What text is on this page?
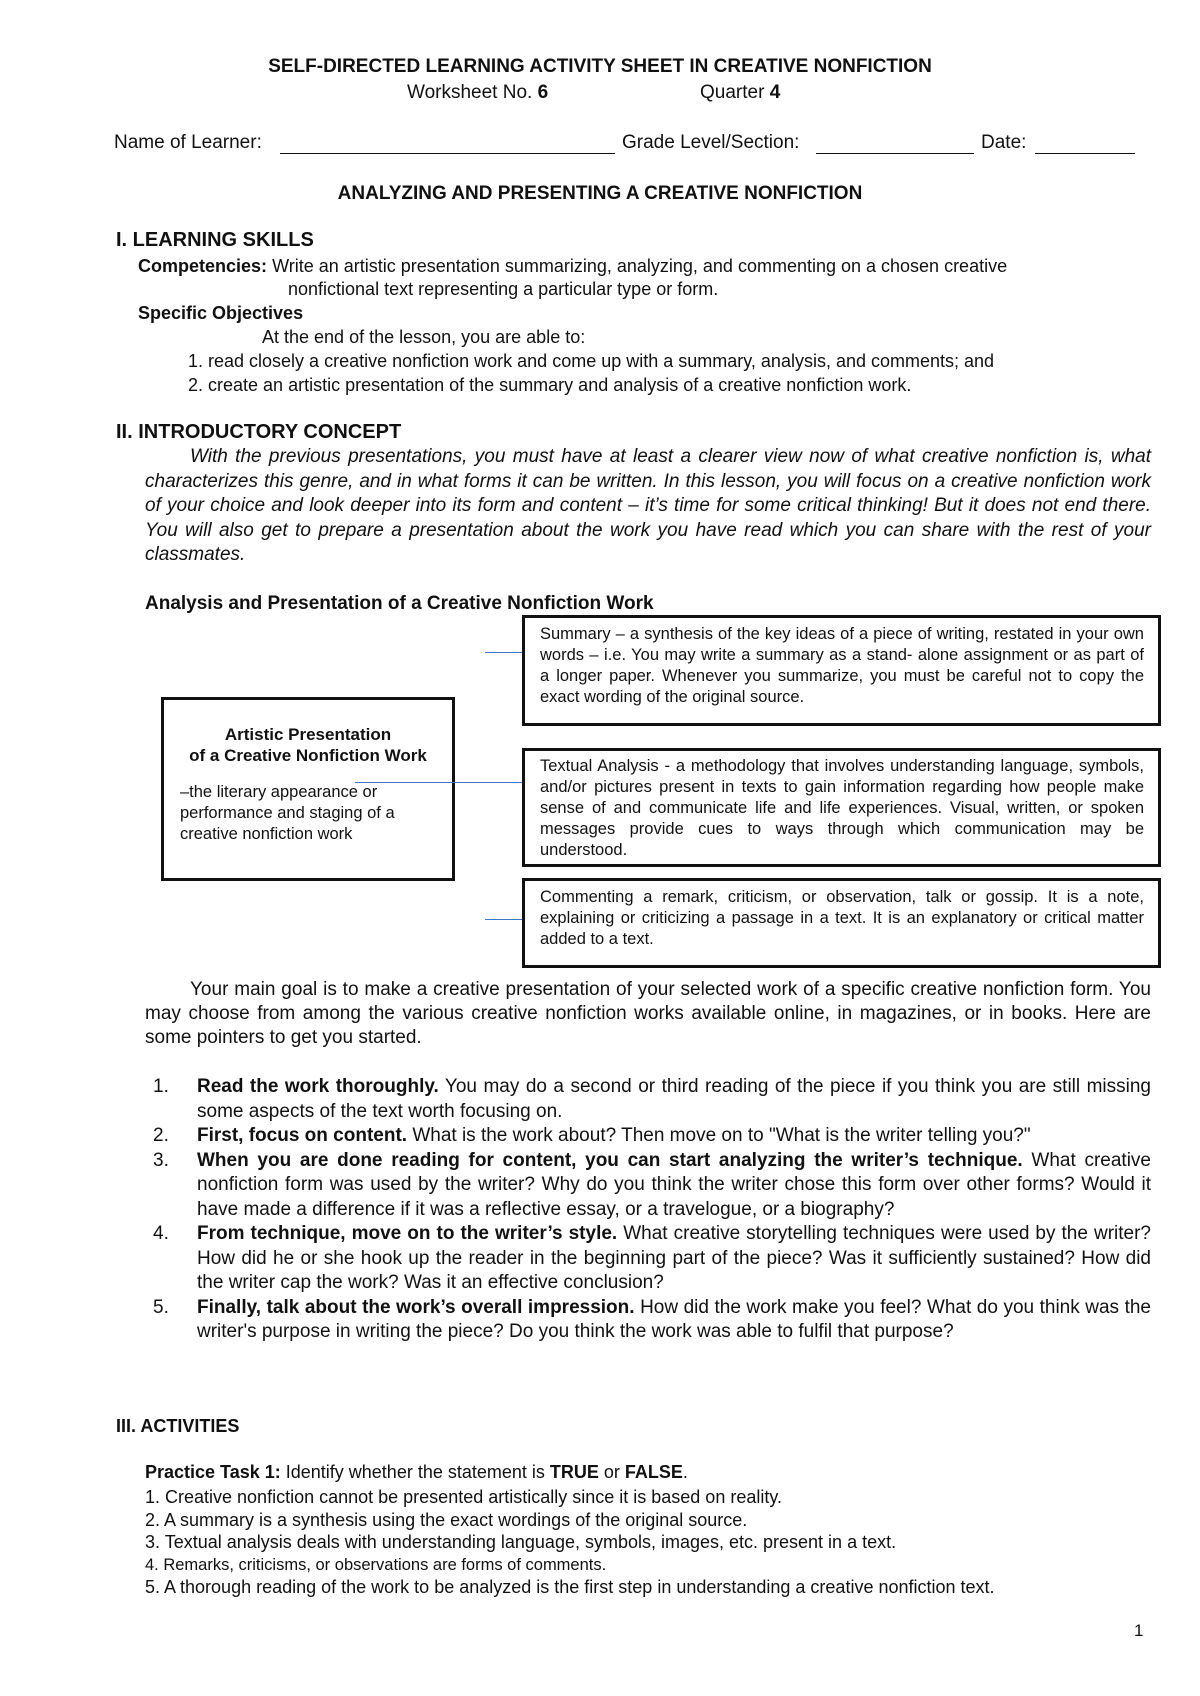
SELF-DIRECTED LEARNING ACTIVITY SHEET IN CREATIVE NONFICTION
Worksheet No. 6	Quarter 4
Name of Learner:	Grade Level/Section:	Date:
ANALYZING AND PRESENTING A CREATIVE NONFICTION
I. LEARNING SKILLS
Competencies: Write an artistic presentation summarizing, analyzing, and commenting on a chosen creative
nonfictional text representing a particular type or form.
Specific Objectives
At the end of the lesson, you are able to:
1. read closely a creative nonfiction work and come up with a summary, analysis, and comments; and
2. create an artistic presentation of the summary and analysis of a creative nonfiction work.
II. INTRODUCTORY CONCEPT
With the previous presentations, you must have at least a clearer view now of what creative nonfiction is, what characterizes this genre, and in what forms it can be written. In this lesson, you will focus on a creative nonfiction work of your choice and look deeper into its form and content – it’s time for some critical thinking! But it does not end there. You will also get to prepare a presentation about the work you have read which you can share with the rest of your classmates.
Analysis and Presentation of a Creative Nonfiction Work
Summary – a synthesis of the key ideas of a piece of writing, restated in your own words – i.e. You may write a summary as a stand- alone assignment or as part of a longer paper. Whenever you summarize, you must be careful not to copy the exact wording of the original source.
Textual Analysis - a methodology that involves understanding language, symbols, and/or pictures present in texts to gain information regarding how people make sense of and communicate life and life experiences. Visual, written, or spoken messages provide cues to ways through which communication may be understood.
Commenting a remark, criticism, or observation, talk or gossip. It is a note, explaining or criticizing a passage in a text. It is an explanatory or critical matter added to a text.
Artistic Presentation
of a Creative Nonfiction Work
–the literary appearance or performance and staging of a creative nonfiction work
Your main goal is to make a creative presentation of your selected work of a specific creative nonfiction form. You may choose from among the various creative nonfiction works available online, in magazines, or in books. Here are some pointers to get you started.
1. Read the work thoroughly. You may do a second or third reading of the piece if you think you are still missing some aspects of the text worth focusing on.
2. First, focus on content. What is the work about? Then move on to "What is the writer telling you?"
3. When you are done reading for content, you can start analyzing the writer’s technique. What creative nonfiction form was used by the writer? Why do you think the writer chose this form over other forms? Would it have made a difference if it was a reflective essay, or a travelogue, or a biography?
4. From technique, move on to the writer’s style. What creative storytelling techniques were used by the writer? How did he or she hook up the reader in the beginning part of the piece? Was it sufficiently sustained? How did the writer cap the work? Was it an effective conclusion?
5. Finally, talk about the work’s overall impression. How did the work make you feel? What do you think was the writer's purpose in writing the piece? Do you think the work was able to fulfil that purpose?
III. ACTIVITIES
Practice Task 1: Identify whether the statement is TRUE or FALSE.
1. Creative nonfiction cannot be presented artistically since it is based on reality.
2. A summary is a synthesis using the exact wordings of the original source.
3. Textual analysis deals with understanding language, symbols, images, etc. present in a text.
4. Remarks, criticisms, or observations are forms of comments.
5. A thorough reading of the work to be analyzed is the first step in understanding a creative nonfiction text.
1
